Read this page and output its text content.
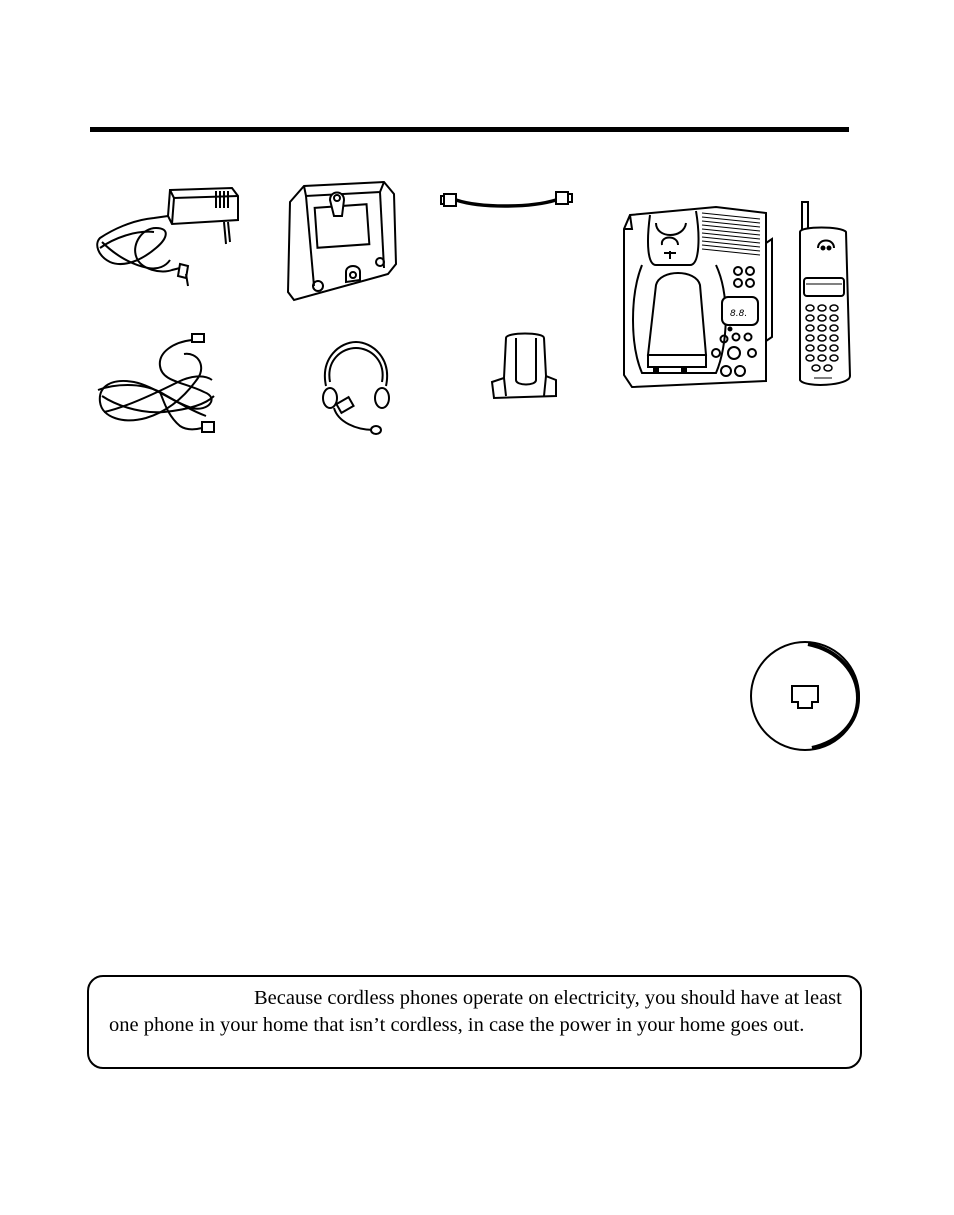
8.8.

Because cordless phones operate on electricity, you should have at least one phone in your home that isn’t cordless, in case the power in your home goes out.
